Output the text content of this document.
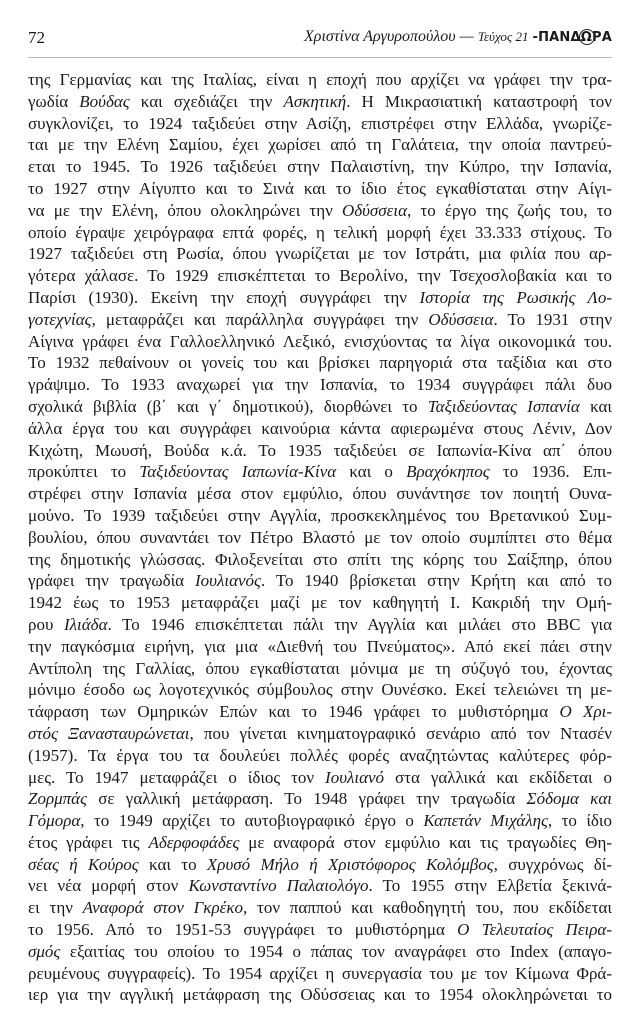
72	Χριστίνα Αργυροπούλου — Τεύχος 21 -ΠΑΝΔΩΡΑ
της Γερμανίας και της Ιταλίας, είναι η εποχή που αρχίζει να γράφει την τρα-
γωδία Βούδας και σχεδιάζει την Ασκητική. Η Μικρασιατική καταστροφή τον
συγκλονίζει, το 1924 ταξιδεύει στην Ασίζη, επιστρέφει στην Ελλάδα, γνωρίζε-
ται με την Ελένη Σαμίου, έχει χωρίσει από τη Γαλάτεια, την οποία παντρεύ-
εται το 1945. Το 1926 ταξιδεύει στην Παλαιστίνη, την Κύπρο, την Ισπανία,
το 1927 στην Αίγυπτο και το Σινά και το ίδιο έτος εγκαθίσταται στην Αίγι-
να με την Ελένη, όπου ολοκληρώνει την Οδύσσεια, το έργο της ζωής του, το
οποίο έγραψε χειρόγραφα επτά φορές, η τελική μορφή έχει 33.333 στίχους. Το
1927 ταξιδεύει στη Ρωσία, όπου γνωρίζεται με τον Ιστράτι, μια φιλία που αρ-
γότερα χάλασε. Το 1929 επισκέπτεται το Βερολίνο, την Τσεχοσλοβακία και το
Παρίσι (1930). Εκείνη την εποχή συγγράφει την Ιστορία της Ρωσικής Λο-
γοτεχνίας, μεταφράζει και παράλληλα συγγράφει την Οδύσσεια. Το 1931 στην
Αίγινα γράφει ένα Γαλλοελληνικό Λεξικό, ενισχύοντας τα λίγα οικονομικά του.
Το 1932 πεθαίνουν οι γονείς του και βρίσκει παρηγοριά στα ταξίδια και στο
γράψιμο. Το 1933 αναχωρεί για την Ισπανία, το 1934 συγγράφει πάλι δυο
σχολικά βιβλία (β΄ και γ΄ δημοτικού), διορθώνει το Ταξιδεύοντας Ισπανία και
άλλα έργα του και συγγράφει καινούρια κάντα αφιερωμένα στους Λένιν, Δον
Κιχώτη, Μωυσή, Βούδα κ.ά. Το 1935 ταξιδεύει σε Ιαπωνία-Κίνα απ΄ όπου
προκύπτει το Ταξιδεύοντας Ιαπωνία-Κίνα και ο Βραχόκηπος το 1936. Επι-
στρέφει στην Ισπανία μέσα στον εμφύλιο, όπου συνάντησε τον ποιητή Ουνα-
μούνο. Το 1939 ταξιδεύει στην Αγγλία, προσκεκλημένος του Βρετανικού Συμ-
βουλίου, όπου συναντάει τον Πέτρο Βλαστό με τον οποίο συμπίπτει στο θέμα
της δημοτικής γλώσσας. Φιλοξενείται στο σπίτι της κόρης του Σαίξπηρ, όπου
γράφει την τραγωδία Ιουλιανός. Το 1940 βρίσκεται στην Κρήτη και από το
1942 έως το 1953 μεταφράζει μαζί με τον καθηγητή Ι. Κακριδή την Ομή-
ρου Ιλιάδα. Το 1946 επισκέπτεται πάλι την Αγγλία και μιλάει στο BBC για
την παγκόσμια ειρήνη, για μια «Διεθνή του Πνεύματος». Από εκεί πάει στην
Αντίπολη της Γαλλίας, όπου εγκαθίσταται μόνιμα με τη σύζυγό του, έχοντας
μόνιμο έσοδο ως λογοτεχνικός σύμβουλος στην Ουνέσκο. Εκεί τελειώνει τη με-
τάφραση των Ομηρικών Επών και το 1946 γράφει το μυθιστόρημα Ο Χρι-
στός Ξανασταυρώνεται, που γίνεται κινηματογραφικό σενάριο από τον Ντασέν
(1957). Τα έργα του τα δουλεύει πολλές φορές αναζητώντας καλύτερες φόρ-
μες. Το 1947 μεταφράζει ο ίδιος τον Ιουλιανό στα γαλλικά και εκδίδεται ο
Ζορμπάς σε γαλλική μετάφραση. Το 1948 γράφει την τραγωδία Σόδομα και
Γόμορα, το 1949 αρχίζει το αυτοβιογραφικό έργο ο Καπετάν Μιχάλης, το ίδιο
έτος γράφει τις Αδερφοφάδες με αναφορά στον εμφύλιο και τις τραγωδίες Θη-
σέας ή Κούρος και το Χρυσό Μήλο ή Χριστόφορος Κολόμβος, συγχρόνως δί-
νει νέα μορφή στον Κωνσταντίνο Παλαιολόγο. Το 1955 στην Ελβετία ξεκινά-
ει την Αναφορά στον Γκρέκο, τον παππού και καθοδηγητή του, που εκδίδεται
το 1956. Από το 1951-53 συγγράφει το μυθιστόρημα Ο Τελευταίος Πειρα-
σμός εξαιτίας του οποίου το 1954 ο πάπας τον αναγράφει στο Index (απαγο-
ρευμένους συγγραφείς). Το 1954 αρχίζει η συνεργασία του με τον Κίμωνα Φρά-
ιερ για την αγγλική μετάφραση της Οδύσσειας και το 1954 ολοκληρώνεται το
